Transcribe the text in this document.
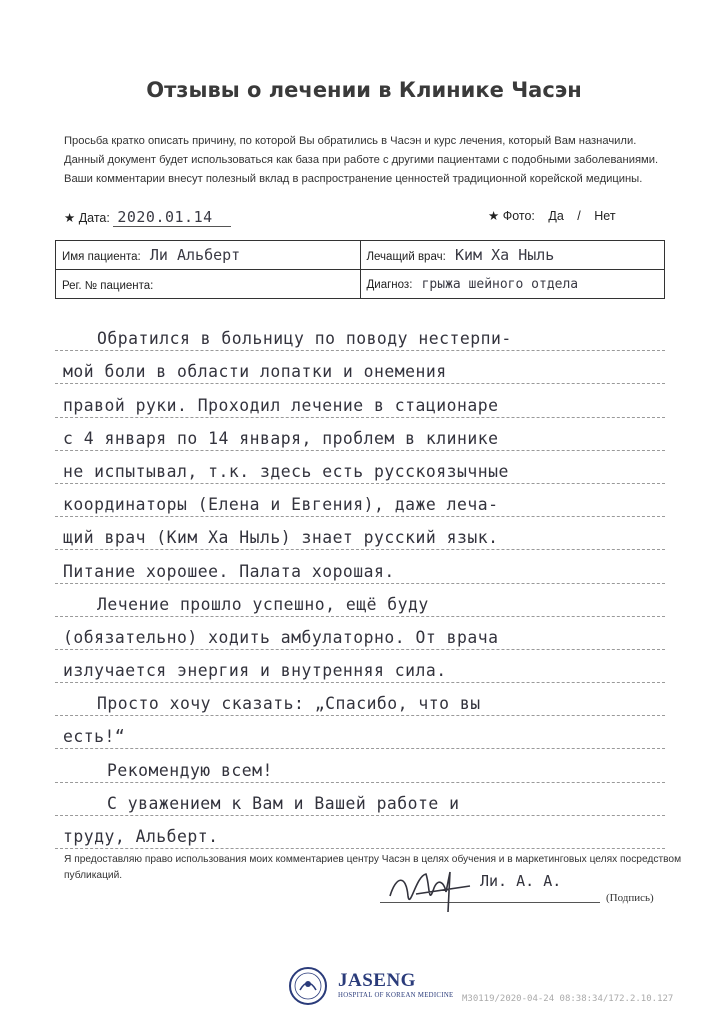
Отзывы о лечении в Клинике Часэн
Просьба кратко описать причину, по которой Вы обратились в Часэн и курс лечения, который Вам назначили.
Данный документ будет использоваться как база при работе с другими пациентами с подобными заболеваниями.
Ваши комментарии внесут полезный вклад в распространение ценностей традиционной корейской медицины.
★ Дата: 2020.01.14	★ Фото: Да / Нет
Имя пациента: Ли Альберт	Лечащий врач: Ким Ха Ныль
Рег. № пациента:	Диагноз: грыжа шейного отдела
Обратился в больницу по поводу нестерпи-
мой боли в области лопатки и онемения
правой руки. Проходил лечение в стационаре
с 4 января по 14 января, проблем в клинике
не испытывал, т.к. здесь есть русскоязычные
координаторы (Елена и Евгения), даже леча-
щий врач (Ким Ха Ныль) знает русский язык.
Питание хорошее. Палата хорошая.
Лечение прошло успешно, ещё буду
(обязательно) ходить амбулаторно. От врача
излучается энергия и внутренняя сила.
Просто хочу сказать: „Спасибо, что вы
есть!“
Рекомендую всем!
С уважением к Вам и Вашей работе и
труду, Альберт.
Я предоставляю право использования моих комментариев центру Часэн в целях обучения и в маркетинговых целях посредством публикаций.	Ли. А. А.
(Подпись)
JASENG
HOSPITAL OF KOREAN MEDICINE M30119/2020-04-24 08:38:34/172.2.10.127
